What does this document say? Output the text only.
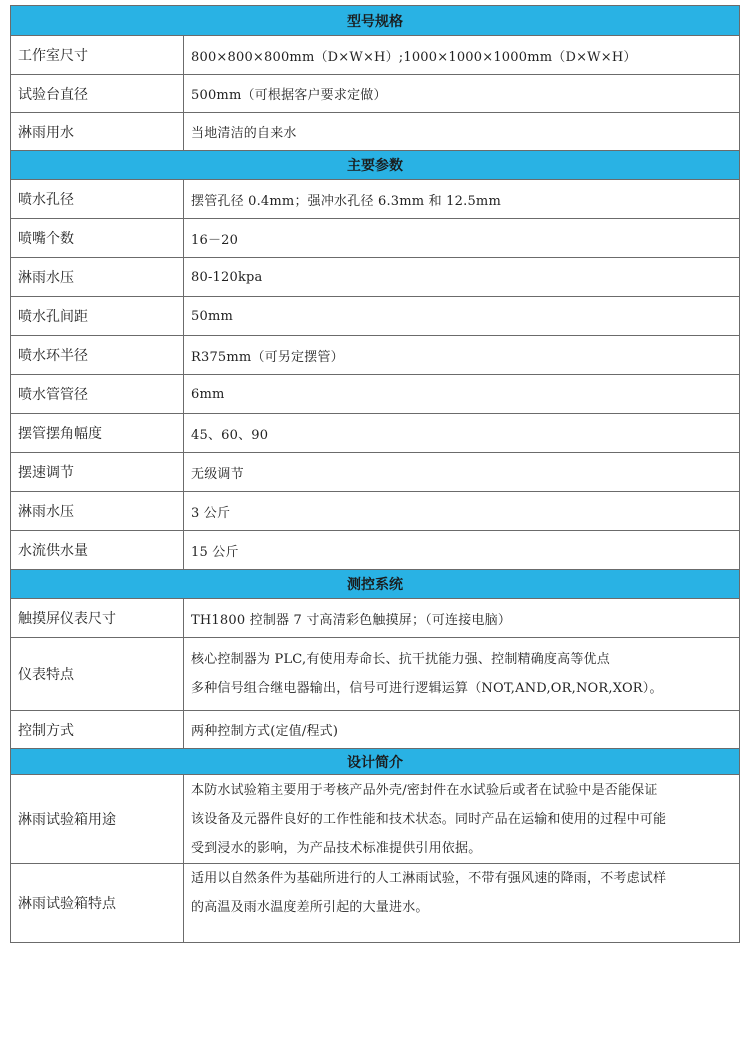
型号规格	
工作室尺寸	800×800×800mm（D×W×H）;1000×1000×1000mm（D×W×H）
试验台直径	500mm（可根据客户要求定做）
淋雨用水	当地清洁的自来水
主要参数	
喷水孔径	摆管孔径 0.4mm；强冲水孔径 6.3mm 和 12.5mm
喷嘴个数	16－20
淋雨水压	80-120kpa
喷水孔间距	50mm
喷水环半径	R375mm（可另定摆管）
喷水管管径	6mm
摆管摆角幅度	45、60、90
摆速调节	无级调节
淋雨水压	3 公斤
水流供水量	15 公斤
测控系统	
触摸屏仪表尺寸	TH1800 控制器 7 寸高清彩色触摸屏；（可连接电脑）
仪表特点	核心控制器为 PLC,有使用寿命长、抗干扰能力强、控制精确度高等优点
多种信号组合继电器输出，信号可进行逻辑运算（NOT,AND,OR,NOR,XOR）。

控制方式	两种控制方式(定值/程式)
设计简介	
淋雨试验箱用途	本防水试验箱主要用于考核产品外壳/密封件在水试验后或者在试验中是否能保证
该设备及元器件良好的工作性能和技术状态。同时产品在运输和使用的过程中可能
受到浸水的影响，为产品技术标准提供引用依据。

淋雨试验箱特点	适用以自然条件为基础所进行的人工淋雨试验，不带有强风速的降雨，不考虑试样
的高温及雨水温度差所引起的大量进水。
